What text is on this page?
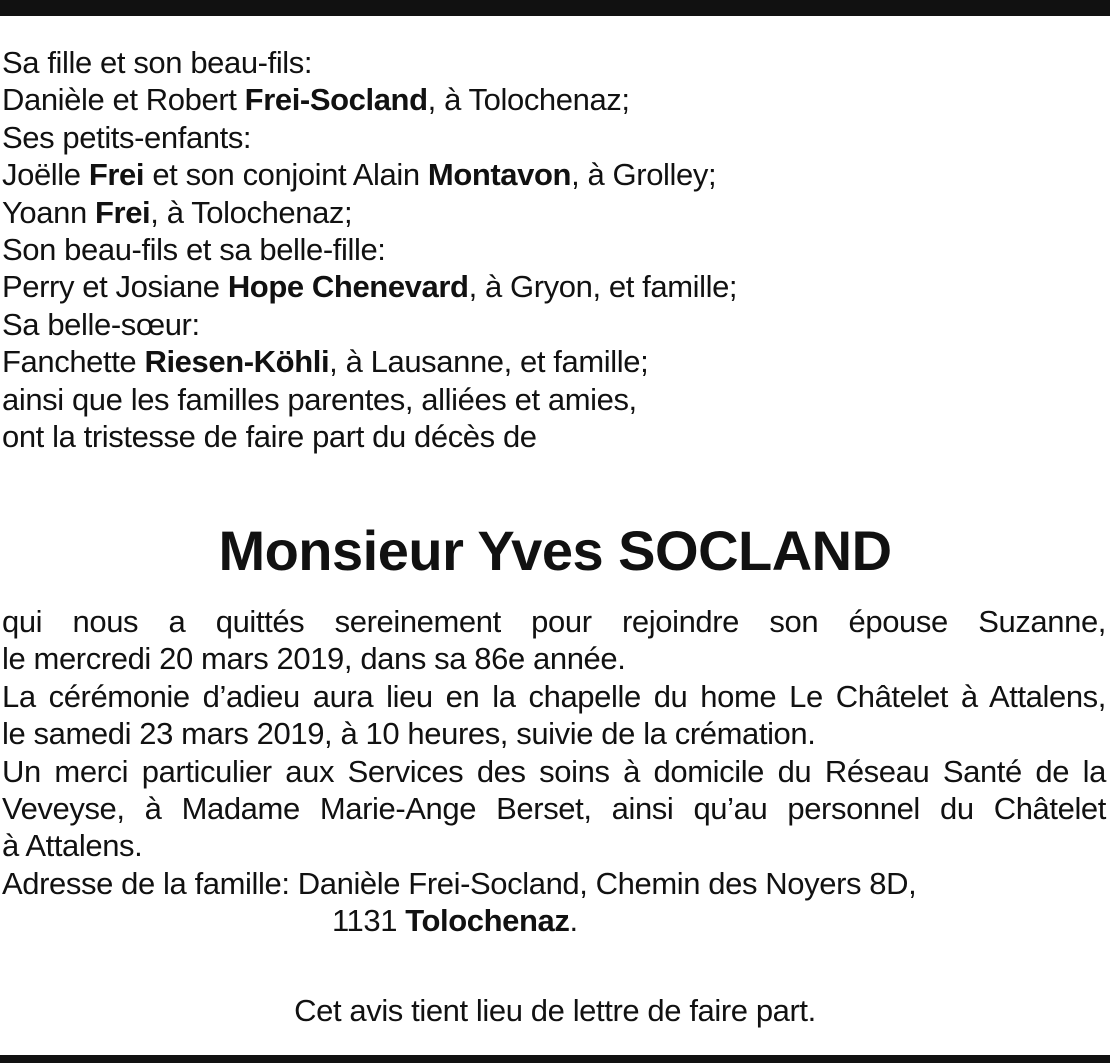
Sa fille et son beau-fils:
Danièle et Robert Frei-Socland, à Tolochenaz;
Ses petits-enfants:
Joëlle Frei et son conjoint Alain Montavon, à Grolley;
Yoann Frei, à Tolochenaz;
Son beau-fils et sa belle-fille:
Perry et Josiane Hope Chenevard, à Gryon, et famille;
Sa belle-sœur:
Fanchette Riesen-Köhli, à Lausanne, et famille;
ainsi que les familles parentes, alliées et amies,
ont la tristesse de faire part du décès de
Monsieur Yves SOCLAND
qui nous a quittés sereinement pour rejoindre son épouse Suzanne,
le mercredi 20 mars 2019, dans sa 86e année.
La cérémonie d’adieu aura lieu en la chapelle du home Le Châtelet à Attalens,
le samedi 23 mars 2019, à 10 heures, suivie de la crémation.
Un merci particulier aux Services des soins à domicile du Réseau Santé de la
Veveyse, à Madame Marie-Ange Berset, ainsi qu’au personnel du Châtelet
à Attalens.
Adresse de la famille: Danièle Frei-Socland, Chemin des Noyers 8D,
1131 Tolochenaz.
Cet avis tient lieu de lettre de faire part.
